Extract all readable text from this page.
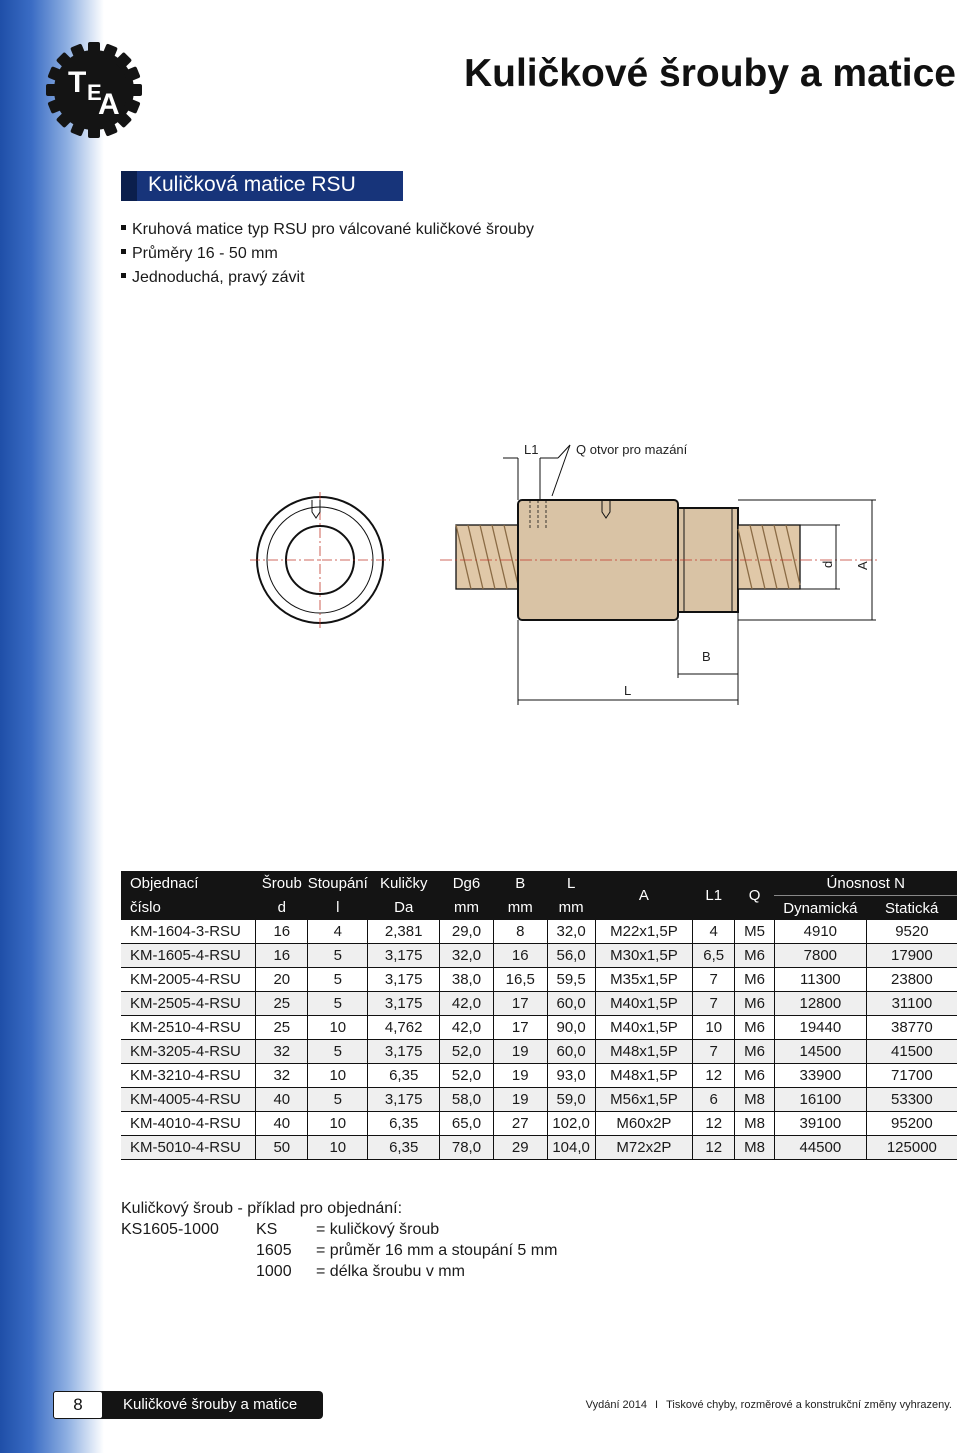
T E
A
Kuličkové šrouby a matice
Kuličková matice RSU
Kruhová matice typ RSU pro válcované kuličkové šrouby
Průměry 16 - 50 mm
Jednoduchá, pravý závit
L1	Q otvor pro mazání
L
B
d A
Objednací	Šroub	Stoupání	Kuličky	Dg6	B	L	A	L1	Q	Únosnost N	
číslo	d	l	Da	mm	mm	mm				Dynamická	Statická
KM-1604-3-RSU	16	4	2,381	29,0	8	32,0	M22x1,5P	4	M5	4910	9520
KM-1605-4-RSU	16	5	3,175	32,0	16	56,0	M30x1,5P	6,5	M6	7800	17900
KM-2005-4-RSU	20	5	3,175	38,0	16,5	59,5	M35x1,5P	7	M6	11300	23800
KM-2505-4-RSU	25	5	3,175	42,0	17	60,0	M40x1,5P	7	M6	12800	31100
KM-2510-4-RSU	25	10	4,762	42,0	17	90,0	M40x1,5P	10	M6	19440	38770
KM-3205-4-RSU	32	5	3,175	52,0	19	60,0	M48x1,5P	7	M6	14500	41500
KM-3210-4-RSU	32	10	6,35	52,0	19	93,0	M48x1,5P	12	M6	33900	71700
KM-4005-4-RSU	40	5	3,175	58,0	19	59,0	M56x1,5P	6	M8	16100	53300
KM-4010-4-RSU	40	10	6,35	65,0	27	102,0	M60x2P	12	M8	39100	95200
KM-5010-4-RSU	50	10	6,35	78,0	29	104,0	M72x2P	12	M8	44500	125000
Kuličkový šroub - příklad pro objednání:
KS1605-1000 KS = kuličkový šroub
1605 = průměr 16 mm a stoupání 5 mm
1000 = délka šroubu v mm
8	Kuličkové šrouby a matice	Vydání 2014 I Tiskové chyby, rozměrové a konstrukční změny vyhrazeny.
